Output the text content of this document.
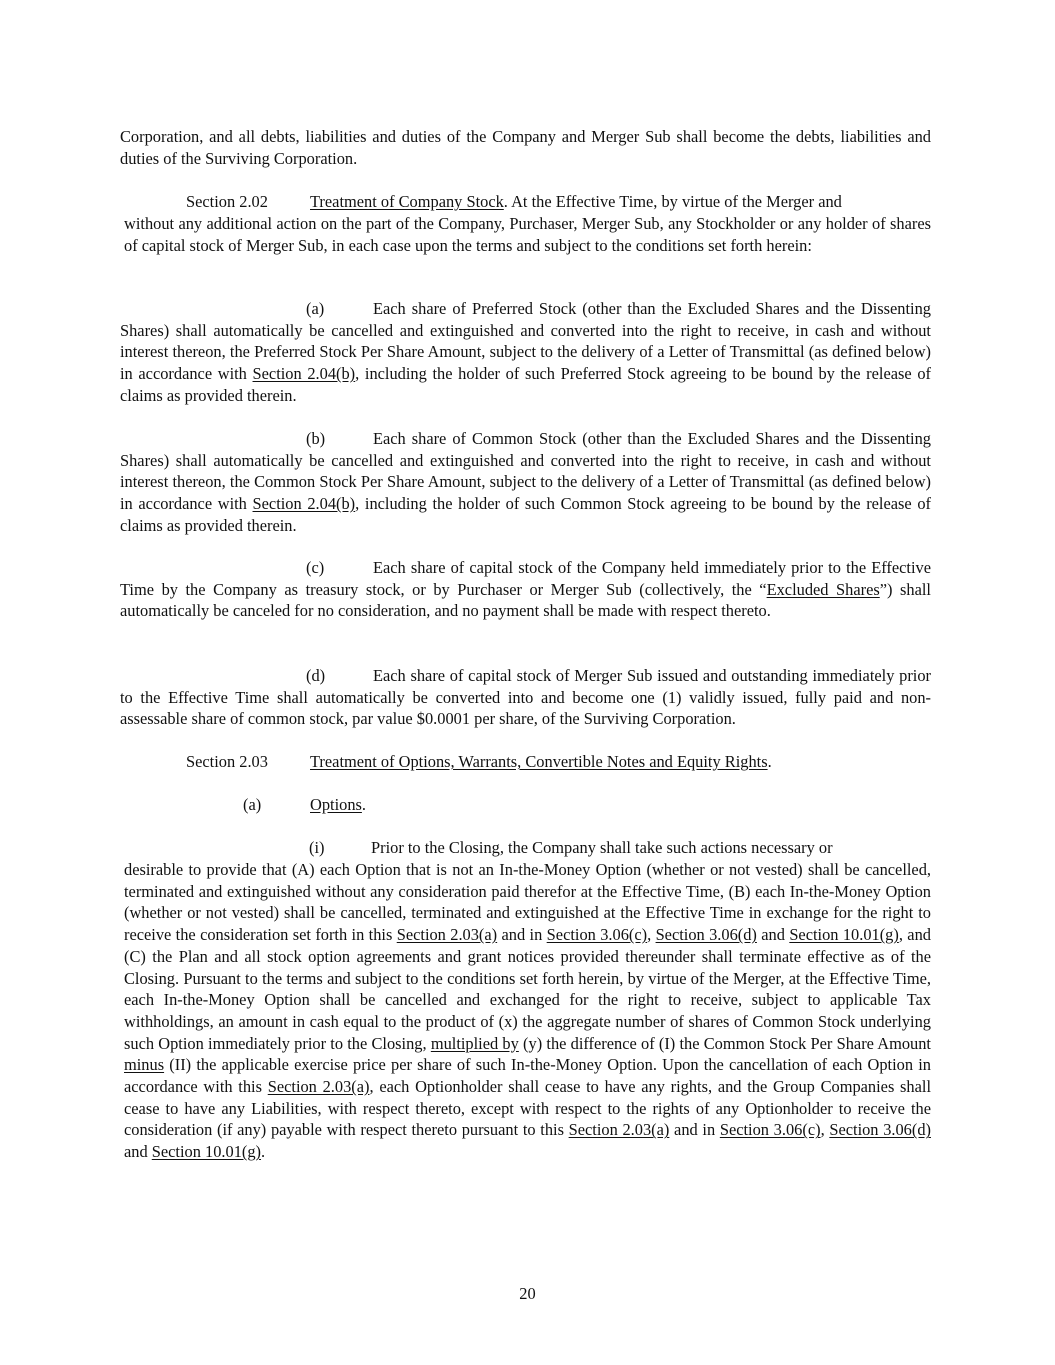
Corporation, and all debts, liabilities and duties of the Company and Merger Sub shall become the debts, liabilities and duties of the Surviving Corporation.

Section 2.02	Treatment of Company Stock. At the Effective Time, by virtue of the Merger and

without any additional action on the part of the Company, Purchaser, Merger Sub, any Stockholder or any holder of shares of capital stock of Merger Sub, in each case upon the terms and subject to the conditions set forth herein:

(a)	Each share of Preferred Stock (other than the Excluded Shares and the Dissenting Shares) shall automatically be cancelled and extinguished and converted into the right to receive, in cash and without interest thereon, the Preferred Stock Per Share Amount, subject to the delivery of a Letter of Transmittal (as defined below) in accordance with Section 2.04(b), including the holder of such Preferred Stock agreeing to be bound by the release of claims as provided therein.

(b)	Each share of Common Stock (other than the Excluded Shares and the Dissenting Shares) shall automatically be cancelled and extinguished and converted into the right to receive, in cash and without interest thereon, the Common Stock Per Share Amount, subject to the delivery of a Letter of Transmittal (as defined below) in accordance with Section 2.04(b), including the holder of such Common Stock agreeing to be bound by the release of claims as provided therein.

(c)	Each share of capital stock of the Company held immediately prior to the Effective Time by the Company as treasury stock, or by Purchaser or Merger Sub (collectively, the “Excluded Shares”) shall automatically be canceled for no consideration, and no payment shall be made with respect thereto.

(d)	Each share of capital stock of Merger Sub issued and outstanding immediately prior to the Effective Time shall automatically be converted into and become one (1) validly issued, fully paid and non-assessable share of common stock, par value $0.0001 per share, of the Surviving Corporation.

Section 2.03	Treatment of Options, Warrants, Convertible Notes and Equity Rights.

(a)	Options.

(i)	Prior to the Closing, the Company shall take such actions necessary or

desirable to provide that (A) each Option that is not an In-the-Money Option (whether or not vested) shall be cancelled, terminated and extinguished without any consideration paid therefor at the Effective Time, (B) each In-the-Money Option (whether or not vested) shall be cancelled, terminated and extinguished at the Effective Time in exchange for the right to receive the consideration set forth in this Section 2.03(a) and in Section 3.06(c), Section 3.06(d) and Section 10.01(g), and (C) the Plan and all stock option agreements and grant notices provided thereunder shall terminate effective as of the Closing. Pursuant to the terms and subject to the conditions set forth herein, by virtue of the Merger, at the Effective Time, each In-the-Money Option shall be cancelled and exchanged for the right to receive, subject to applicable Tax withholdings, an amount in cash equal to the product of (x) the aggregate number of shares of Common Stock underlying such Option immediately prior to the Closing, multiplied by (y) the difference of (I) the Common Stock Per Share Amount minus (II) the applicable exercise price per share of such In-the-Money Option. Upon the cancellation of each Option in accordance with this Section 2.03(a), each Optionholder shall cease to have any rights, and the Group Companies shall cease to have any Liabilities, with respect thereto, except with respect to the rights of any Optionholder to receive the consideration (if any) payable with respect thereto pursuant to this Section 2.03(a) and in Section 3.06(c), Section 3.06(d) and Section 10.01(g).

20
